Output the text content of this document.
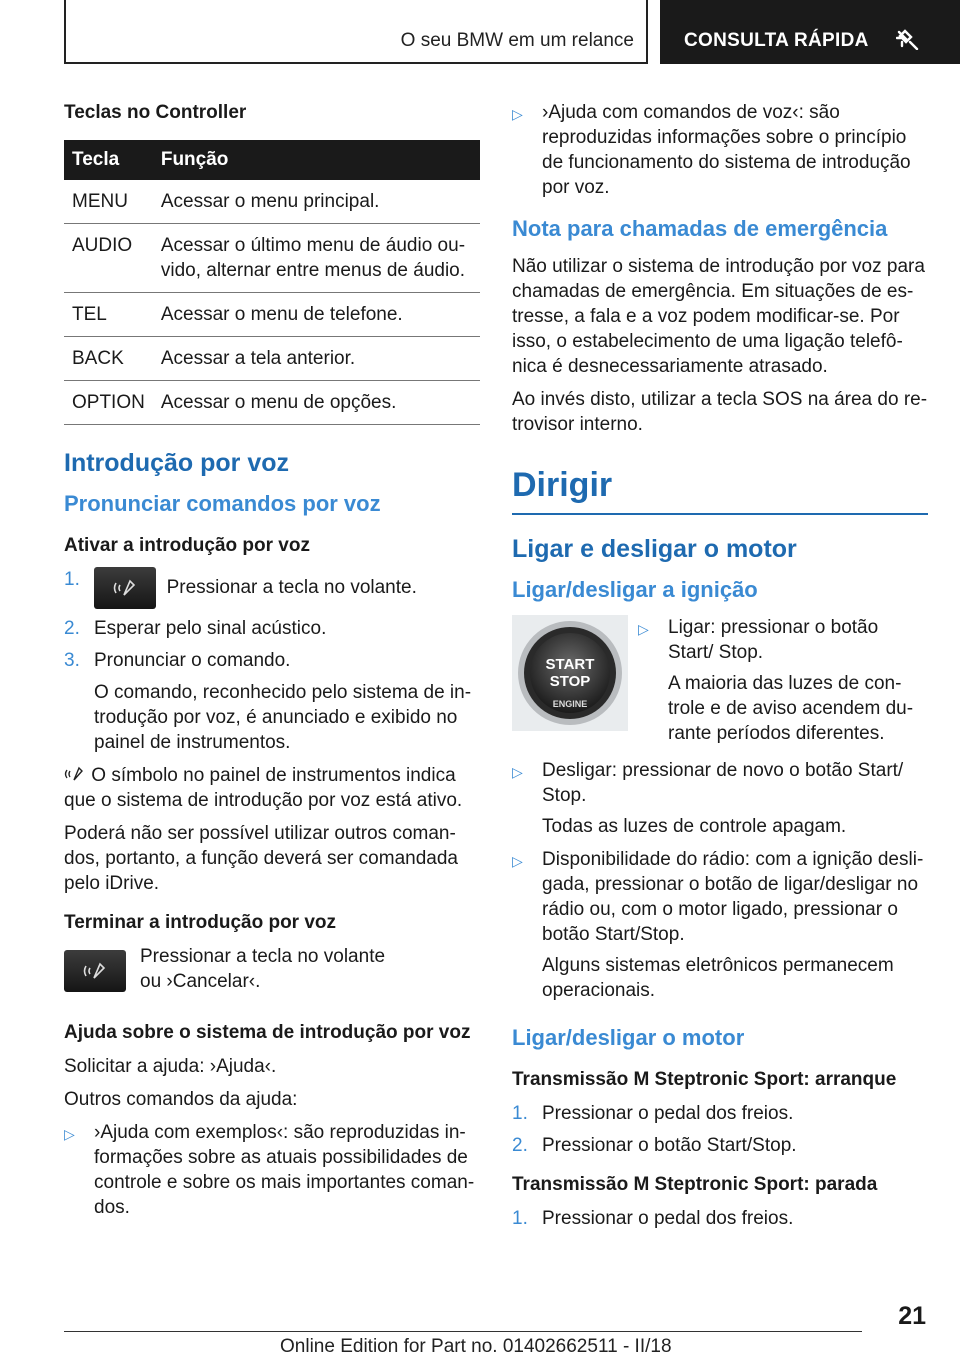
O seu BMW em um relance	CONSULTA RÁPIDA
Teclas no Controller
Tecla	Função
MENU	Acessar o menu principal.
AUDIO	Acessar o último menu de áudio ouvido, alternar entre menus de áudio.
TEL	Acessar o menu de telefone.
BACK	Acessar a tela anterior.
OPTION	Acessar o menu de opções.
Introdução por voz
Pronunciar comandos por voz
Ativar a introdução por voz
1.	Pressionar a tecla no volante.
2. Esperar pelo sinal acústico.
3. Pronunciar o comando.
O comando, reconhecido pelo sistema de introdução por voz, é anunciado e exibido no painel de instrumentos.

O símbolo no painel de instrumentos indica que o sistema de introdução por voz está ativo.

Poderá não ser possível utilizar outros comandos, portanto, a função deverá ser comandada pelo iDrive.

Terminar a introdução por voz

Pressionar a tecla no volante ou ›Cancelar‹.

Ajuda sobre o sistema de introdução por voz

Solicitar a ajuda: ›Ajuda‹.

Outros comandos da ajuda:

▷	›Ajuda com exemplos‹: são reproduzidas informações sobre as atuais possibilidades de controle e sobre os mais importantes comandos.
▷	›Ajuda com comandos de voz‹: são reproduzidas informações sobre o princípio de funcionamento do sistema de introdução por voz.
Nota para chamadas de emergência

Não utilizar o sistema de introdução por voz para chamadas de emergência. Em situações de estresse, a fala e a voz podem modificar-se. Por isso, o estabelecimento de uma ligação telefônica é desnecessariamente atrasado.

Ao invés disto, utilizar a tecla SOS na área do retrovisor interno.

Dirigir
Ligar e desligar o motor
Ligar/desligar a ignição
START
STOP
ENGINE
▷	Ligar: pressionar o botão Start/ Stop.

A maioria das luzes de controle e de aviso acendem durante períodos diferentes.

▷	Desligar: pressionar de novo o botão Start/ Stop.

Todas as luzes de controle apagam.

▷	Disponibilidade do rádio: com a ignição desligada, pressionar o botão de ligar/desligar no rádio ou, com o motor ligado, pressionar o botão Start/Stop.

Alguns sistemas eletrônicos permanecem operacionais.

Ligar/desligar o motor
Transmissão M Steptronic Sport: arranque
1. Pressionar o pedal dos freios.
2. Pressionar o botão Start/Stop.
Transmissão M Steptronic Sport: parada
1. Pressionar o pedal dos freios.
21
Online Edition for Part no. 01402662511 - II/18
